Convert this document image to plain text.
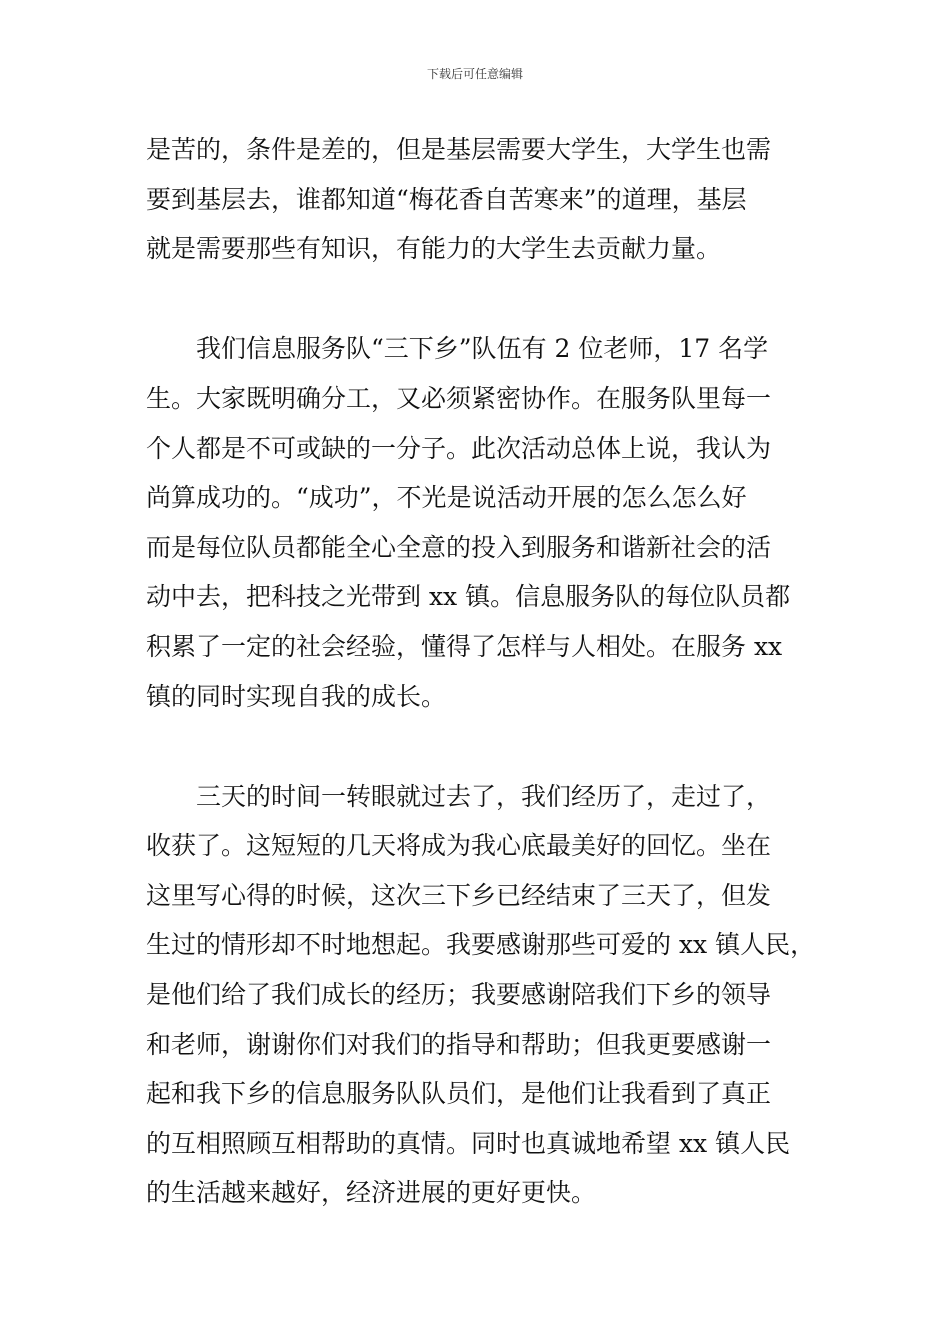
下载后可任意编辑
是苦的，条件是差的，但是基层需要大学生，大学生也需
要到基层去，谁都知道“梅花香自苦寒来”的道理，基层
就是需要那些有知识，有能力的大学生去贡献力量。
我们信息服务队“三下乡”队伍有 2 位老师，17 名学
生。大家既明确分工，又必须紧密协作。在服务队里每一
个人都是不可或缺的一分子。此次活动总体上说，我认为
尚算成功的。“成功”，不光是说活动开展的怎么怎么好
而是每位队员都能全心全意的投入到服务和谐新社会的活
动中去，把科技之光带到 xx 镇。信息服务队的每位队员都
积累了一定的社会经验，懂得了怎样与人相处。在服务 xx
镇的同时实现自我的成长。
三天的时间一转眼就过去了，我们经历了，走过了，
收获了。这短短的几天将成为我心底最美好的回忆。坐在
这里写心得的时候，这次三下乡已经结束了三天了，但发
生过的情形却不时地想起。我要感谢那些可爱的 xx 镇人民，
是他们给了我们成长的经历；我要感谢陪我们下乡的领导
和老师，谢谢你们对我们的指导和帮助；但我更要感谢一
起和我下乡的信息服务队队员们，是他们让我看到了真正
的互相照顾互相帮助的真情。同时也真诚地希望 xx 镇人民
的生活越来越好，经济进展的更好更快。
